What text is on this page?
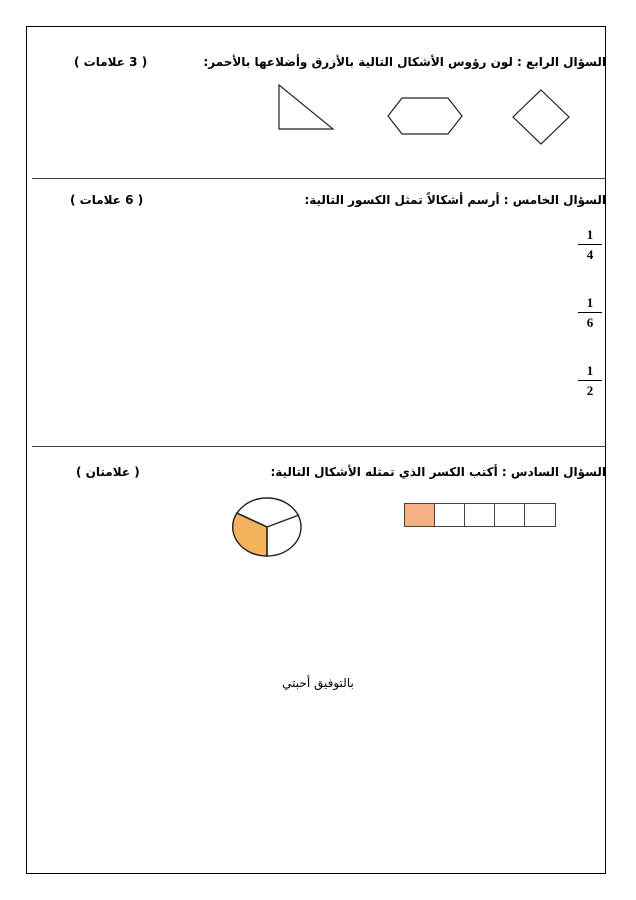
السؤال الرابع : لون رؤوس الأشكال التالية بالأزرق وأضلاعها بالأحمر:
( 3 علامات )
السؤال الخامس : أرسم أشكالاً تمثل الكسور التالية:
( 6 علامات )
1
4
1
6
1
2
السؤال السادس : أكتب الكسر الذي تمثله الأشكال التالية:
( علامتان )
بالتوفيق أحبتي
